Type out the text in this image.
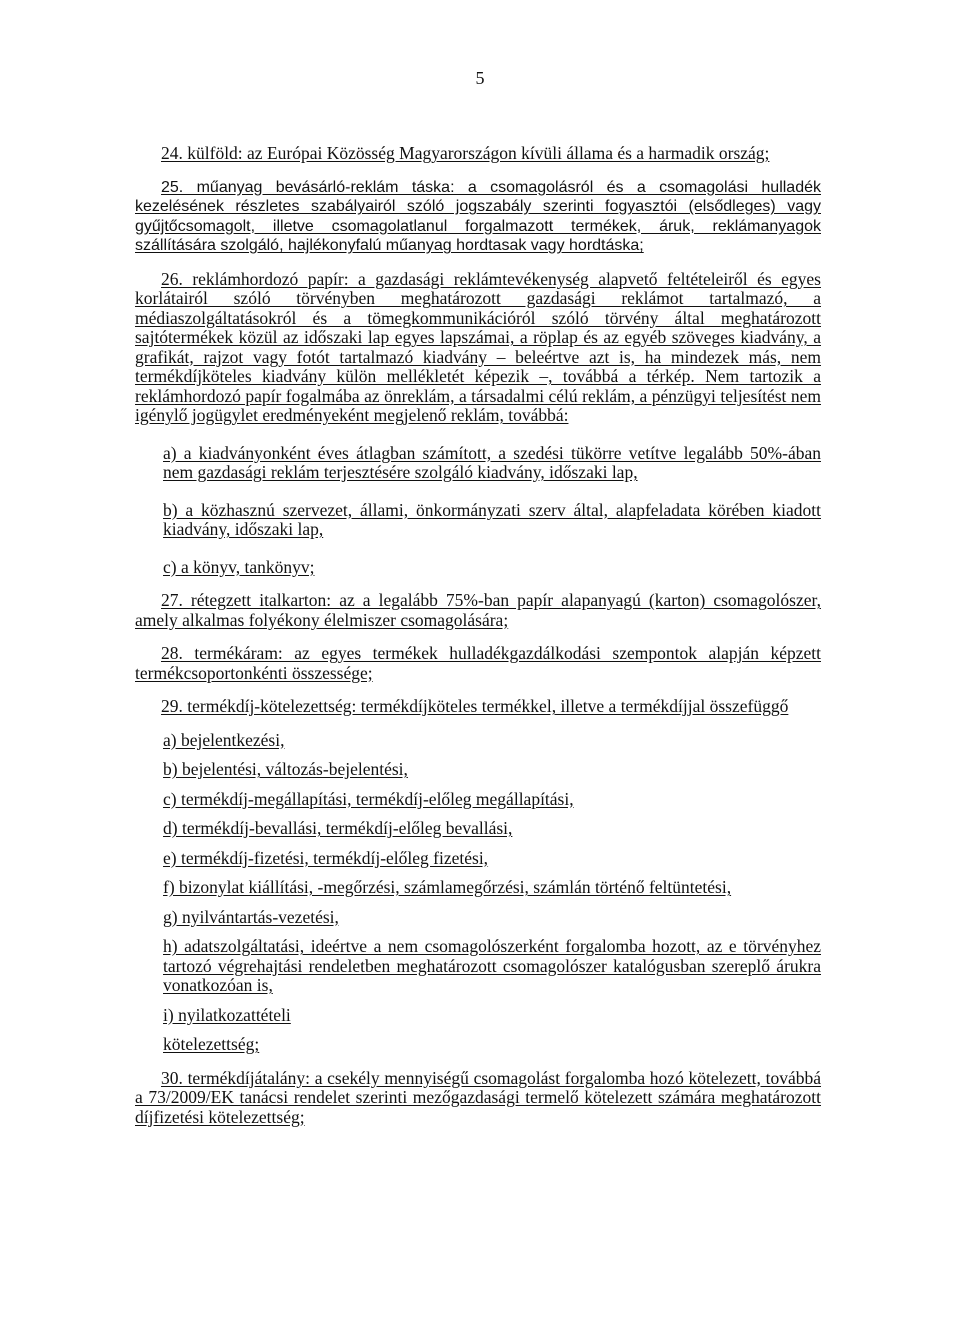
5

24. külföld: az Európai Közösség Magyarországon kívüli állama és a harmadik ország;

25. műanyag bevásárló-reklám táska: a csomagolásról és a csomagolási hulladék kezelésének részletes szabályairól szóló jogszabály szerinti fogyasztói (elsődleges) vagy gyűjtőcsomagolt, illetve csomagolatlanul forgalmazott termékek, áruk, reklámanyagok szállítására szolgáló, hajlékonyfalú műanyag hordtasak vagy hordtáska;

26. reklámhordozó papír: a gazdasági reklámtevékenység alapvető feltételeiről és egyes korlátairól szóló törvényben meghatározott gazdasági reklámot tartalmazó, a médiaszolgáltatásokról és a tömegkommunikációról szóló törvény által meghatározott sajtótermékek közül az időszaki lap egyes lapszámai, a röplap és az egyéb szöveges kiadvány, a grafikát, rajzot vagy fotót tartalmazó kiadvány – beleértve azt is, ha mindezek más, nem termékdíjköteles kiadvány külön mellékletét képezik –, továbbá a térkép. Nem tartozik a reklámhordozó papír fogalmába az önreklám, a társadalmi célú reklám, a pénzügyi teljesítést nem igénylő jogügylet eredményeként megjelenő reklám, továbbá:

a) a kiadványonként éves átlagban számított, a szedési tükörre vetítve legalább 50%-ában nem gazdasági reklám terjesztésére szolgáló kiadvány, időszaki lap,

b) a közhasznú szervezet, állami, önkormányzati szerv által, alapfeladata körében kiadott kiadvány, időszaki lap,

c) a könyv, tankönyv;

27. rétegzett italkarton: az a legalább 75%-ban papír alapanyagú (karton) csomagolószer, amely alkalmas folyékony élelmiszer csomagolására;

28. termékáram: az egyes termékek hulladékgazdálkodási szempontok alapján képzett termékcsoportonkénti összessége;

29. termékdíj-kötelezettség: termékdíjköteles termékkel, illetve a termékdíjjal összefüggő

a) bejelentkezési,

b) bejelentési, változás-bejelentési,

c) termékdíj-megállapítási, termékdíj-előleg megállapítási,

d) termékdíj-bevallási, termékdíj-előleg bevallási,

e) termékdíj-fizetési, termékdíj-előleg fizetési,

f) bizonylat kiállítási, -megőrzési, számlamegőrzési, számlán történő feltüntetési,

g) nyilvántartás-vezetési,

h) adatszolgáltatási, ideértve a nem csomagolószerként forgalomba hozott, az e törvényhez tartozó végrehajtási rendeletben meghatározott csomagolószer katalógusban szereplő árukra vonatkozóan is,

i) nyilatkozattételi

kötelezettség;

30. termékdíjátalány: a csekély mennyiségű csomagolást forgalomba hozó kötelezett, továbbá a 73/2009/EK tanácsi rendelet szerinti mezőgazdasági termelő kötelezett számára meghatározott díjfizetési kötelezettség;
